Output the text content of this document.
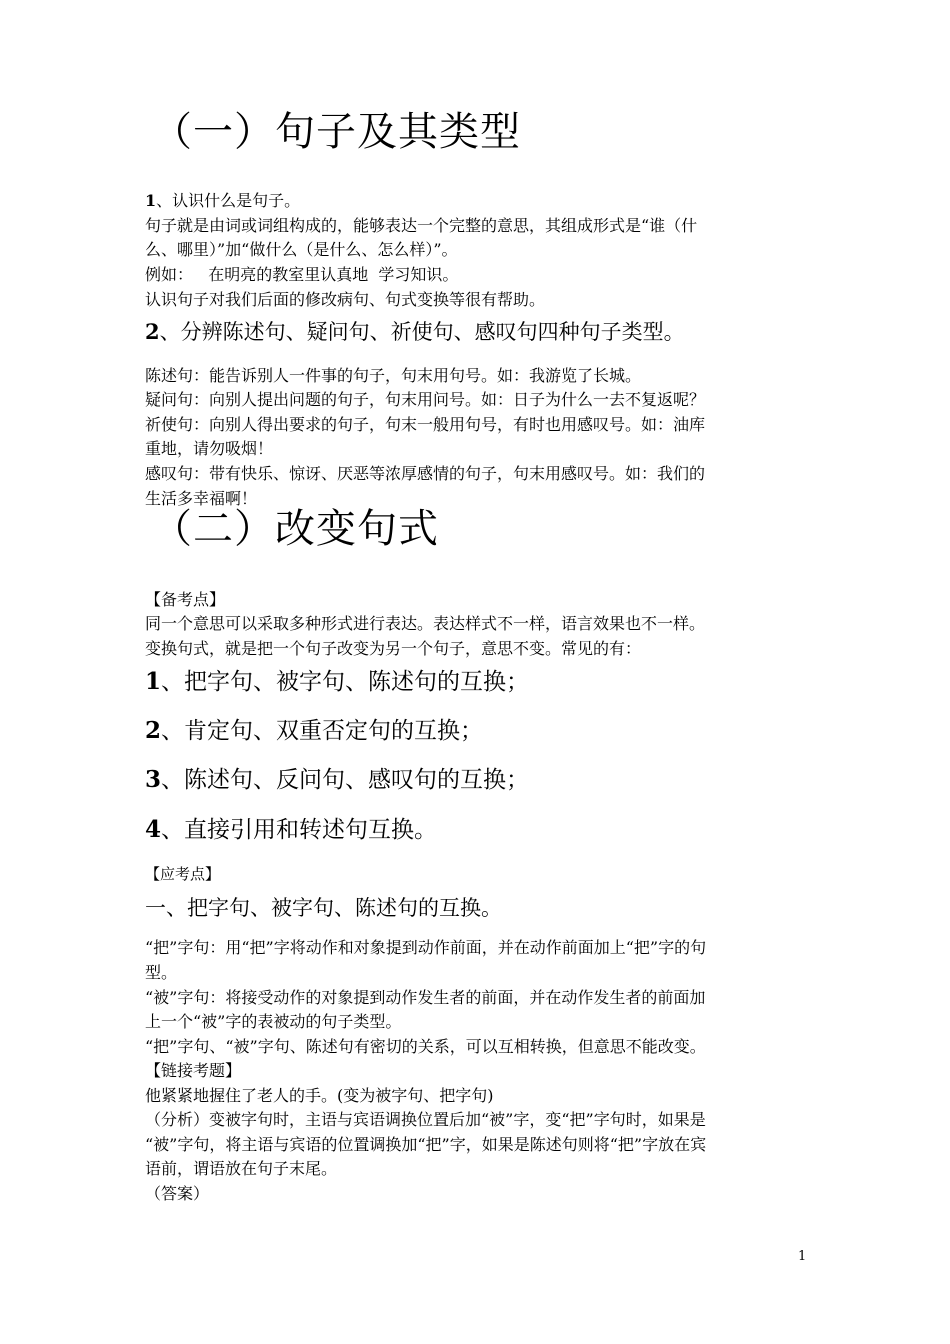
（一）句子及其类型
1、认识什么是句子。
句子就是由词或词组构成的，能够表达一个完整的意思，其组成形式是“谁（什
么、哪里）”加“做什么（是什么、怎么样）”。
例如：   在明亮的教室里认真地  学习知识。
认识句子对我们后面的修改病句、句式变换等很有帮助。
2、分辨陈述句、疑问句、祈使句、感叹句四种句子类型。
陈述句：能告诉别人一件事的句子，句末用句号。如：我游览了长城。
疑问句：向别人提出问题的句子，句末用问号。如：日子为什么一去不复返呢？
祈使句：向别人得出要求的句子，句末一般用句号，有时也用感叹号。如：油库
重地，请勿吸烟！
感叹句：带有快乐、惊讶、厌恶等浓厚感情的句子，句末用感叹号。如：我们的
生活多幸福啊！
（二）改变句式
【备考点】
同一个意思可以采取多种形式进行表达。表达样式不一样，语言效果也不一样。
变换句式，就是把一个句子改变为另一个句子，意思不变。常见的有：
1、把字句、被字句、陈述句的互换；
2、肯定句、双重否定句的互换；
3、陈述句、反问句、感叹句的互换；
4、直接引用和转述句互换。
【应考点】
一、把字句、被字句、陈述句的互换。
“把”字句：用“把”字将动作和对象提到动作前面，并在动作前面加上“把”字的句
型。
“被”字句：将接受动作的对象提到动作发生者的前面，并在动作发生者的前面加
上一个“被”字的表被动的句子类型。
“把”字句、“被”字句、陈述句有密切的关系，可以互相转换，但意思不能改变。
【链接考题】
他紧紧地握住了老人的手。(变为被字句、把字句)
（分析）变被字句时，主语与宾语调换位置后加“被”字，变“把”字句时，如果是
“被”字句，将主语与宾语的位置调换加“把”字，如果是陈述句则将“把”字放在宾
语前，谓语放在句子末尾。
（答案）
1
